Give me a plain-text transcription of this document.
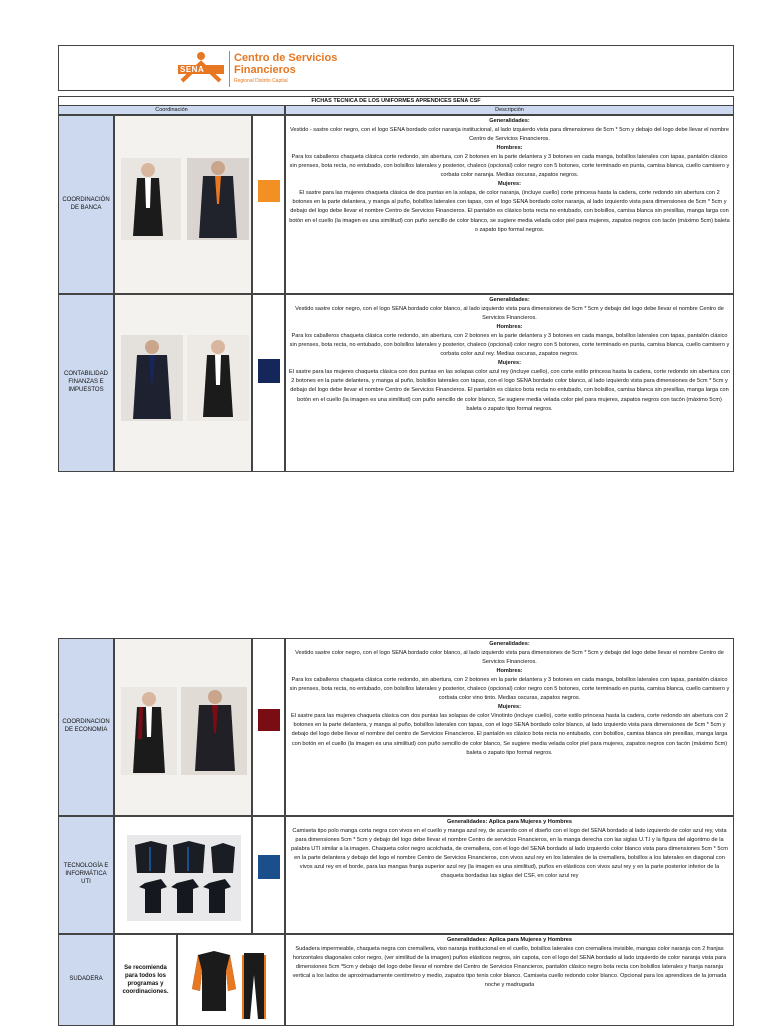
SENA
Centro de Servicios
Financieros
Regional Distrito Capital
FICHAS TECNICA DE LOS UNIFORMES APRENDICES SENA CSF
Coordinación	Descripción
COORDINACIÓN DE BANCA
Generalidades:

Vestido - sastre color negro, con el logo SENA bordado color naranja institucional, al lado izquierdo vista para dimensiones de 5cm * 5cm y debajo del logo debe llevar el nombre Centro de Servicios Financieros.

Hombres:

Para los caballeros chaqueta clásica corte redondo, sin abertura, con 2 botones en la parte delantera y 3 botones en cada manga, bolsillos laterales con tapas, pantalón clásico sin prenses, bota recta, no entubado, con bolsillos laterales y posterior, chaleco (opcional) color negro con 5 botones, corte terminado en punta, camisa blanca, cuello camisero y corbata color naranja. Medias oscuras, zapatos negros.

Mujeres:

El sastre para las mujeres chaqueta clásica de dos puntas en la solapa, de color naranja, (incluye cuello) corte princesa hasta la cadera, corte redondo sin abertura con 2 botones en la parte delantera, y manga al puño, bolsillos laterales con tapas, con el logo SENA bordado color naranja, al lado izquierdo vista para dimensiones de 5cm * 5cm y debajo del logo debe llevar el nombre Centro de Servicios Financieros. El pantalón es clásico bota recta no entubado, con bolsillos, camisa blanca sin presillas, manga larga con botón en el cuello (la imagen es una similitud) con puño sencillo de color blanco, se sugiere media velada color piel para mujeres, zapatos negros con tacón (máximo 5cm) baleta o zapato tipo formal negros.

CONTABILIDAD FINANZAS E IMPUESTOS
Generalidades:

Vestido sastre color negro, con el logo SENA bordado color blanco, al lado izquierdo vista para dimensiones de 5cm * 5cm y debajo del logo debe llevar el nombre Centro de Servicios Financieros.

Hombres:

Para los caballeros chaqueta clásica corte redondo, sin abertura, con 2 botones en la parte delantera y 3 botones en cada manga, bolsillos laterales con tapas, pantalón clásico sin prenses, bota recta, no entubado, con bolsillos laterales y posterior, chaleco (opcional) color negro con 5 botones, corte terminado en punta, camisa blanca, cuello camisero y corbata color azul rey. Medias oscuras, zapatos negros.

Mujeres:

El sastre para las mujeres chaqueta clásica con dos puntas en las solapas color azul rey (incluye cuello), con corte estilo princesa hasta la cadera, corte redondo sin abertura con 2 botones en la parte delantera, y manga al puño, bolsillos laterales con tapas, con el logo SENA bordado color blanco, al lado izquierdo vista para dimensiones de 5cm * 5cm y debajo del logo debe llevar el nombre Centro de Servicios Financieros. El pantalón es clásico bota recta no entubado, con bolsillos, camisa blanca sin presillas, manga larga con botón en el cuello (la imagen es una similitud) con puño sencillo de color blanco, Se sugiere media velada color piel para mujeres, zapatos negros con tacón (máximo 5cm) baleta o zapato tipo formal negros.

COORDINACION DE ECONOMIA
Generalidades:

Vestido sastre color negro, con el logo SENA bordado color blanco, al lado izquierdo vista para dimensiones de 5cm * 5cm y debajo del logo debe llevar el nombre Centro de Servicios Financieros.

Hombres:

Para los caballeros chaqueta clásica corte redondo, sin abertura, con 2 botones en la parte delantera y 3 botones en cada manga, bolsillos laterales con tapas, pantalón clásico sin prenses, bota recta, no entubado, con bolsillos laterales y posterior, chaleco (opcional) color negro con 5 botones, corte terminado en punta, camisa blanca, cuello camisero y corbata color vino tinto. Medias oscuras, zapatos negros.

Mujeres:

El sastre para las mujeres chaqueta clásica con dos puntas las solapas de color Vinotinto (incluye cuello), corte estilo princesa hasta la cadera, corte redondo sin abertura con 2 botones en la parte delantera, y manga al puño, bolsillos laterales con tapas, con el logo SENA bordado color blanco, al lado izquierdo vista para dimensiones de 5cm * 5cm y debajo del logo debe llevar el nombre del centro de Servicios Financieros. El pantalón es clásico bota recta no entubado, con bolsillos, camisa blanca sin presillas, manga larga con botón en el cuello (la imagen es una similitud) con puño sencillo de color blanco, Se sugiere media velada color piel para mujeres, zapatos negros con tacón (máximo 5cm) baleta o zapato tipo formal negros.

TECNOLOGÍA E INFORMÁTICA UTI
Generalidades: Aplica para Mujeres y Hombres

Camiseta tipo polo manga corta negra con vivos en el cuello y manga azul rey, de acuerdo con el diseño con el logo del SENA bordado al lado izquierdo de color azul rey, vista para dimensiones 5cm * 5cm y debajo del logo debe llevar el nombre Centro de servicios Financieros, en la manga derecha con las siglas U.T.I y la figura del algoritmo de la palabra UTI similar a la imagen. Chaqueta color negro acolchada, de cremallera, con el logo del SENA bordado al lado izquierdo color blanco vista para dimensiones 5cm * 5cm en la parte delantera y debajo del logo el nombre Centro de Servicios Financieros, con vivos azul rey en los laterales de la cremallera, bolsillos a los laterales en diagonal con vivos azul rey en el borde, para las mangas franja superior azul rey (la imagen es una similitud), puños en elásticos con vivos azul rey y en la parte posterior inferior de la chaqueta bordadas las siglas del CSF, en color azul rey

SUDADERA
Se recomienda para todos los programas y coordinaciones.
Generalidades: Aplica para Mujeres y Hombres

Sudadera impermeable, chaqueta negra con cremallera, viso naranja institucional en el cuello, bolsillos laterales con cremallera invisible, mangas color naranja con 2 franjas horizontales diagonales color negro, (ver similitud de la imagen) puños elásticos negros, sin capota, con el logo del SENA bordado al lado izquierdo de color naranja vista para dimensiones 5cm *5cm y debajo del logo debe llevar el nombre del Centro de Servicios Financieros, pantalón clásico negro bota recta con bolsillos laterales y franja naranja vertical a los lados de aproximadamente centímetro y medio, zapatos tipo tenis color blanco. Camiseta cuello redondo color blanco. Opcional para los aprendices de la jornada noche y madrugada
